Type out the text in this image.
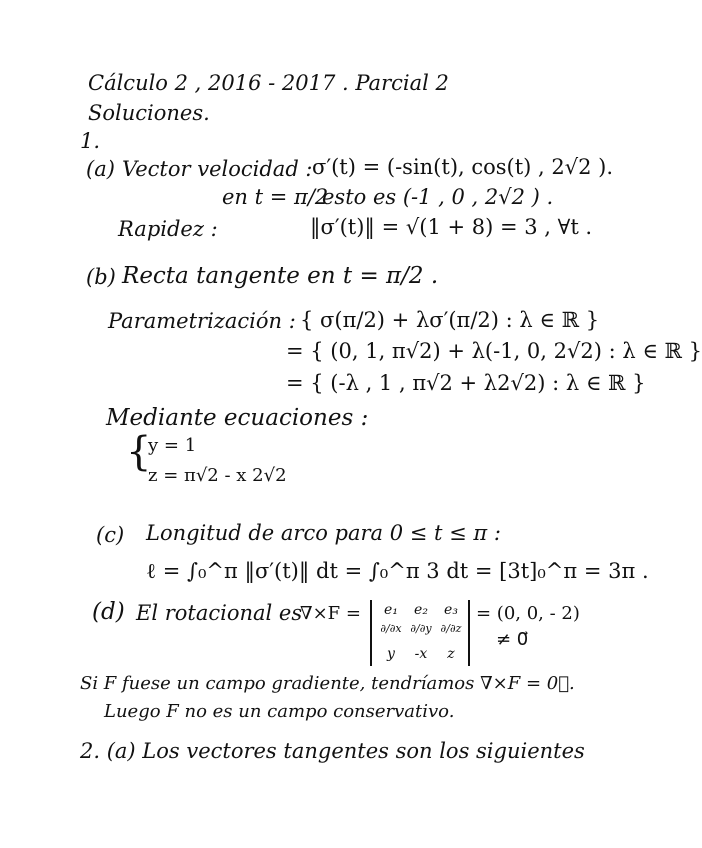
Cálculo 2 , 2016 - 2017 . Parcial 2
Soluciones.
1.
(a) Vector velocidad : σ′(t) = (-sin(t), cos(t) , 2√2 ).
en t = π/2
esto es (-1 , 0 , 2√2 ) .
Rapidez :	‖σ′(t)‖ = √(1 + 8) = 3 , ∀t .
(b) Recta tangente en t = π/2 .
Parametrización : { σ(π/2) + λσ′(π/2) : λ ∈ ℝ }
= { (0, 1, π√2) + λ(-1, 0, 2√2) : λ ∈ ℝ }
= { (-λ , 1 , π√2 + λ2√2) : λ ∈ ℝ }
Mediante ecuaciones :
{
y = 1
z = π√2 - x 2√2
(c) Longitud de arco para 0 ≤ t ≤ π :
ℓ = ∫₀^π ‖σ′(t)‖ dt = ∫₀^π 3 dt = [3t]₀^π = 3π .
(d) El rotacional es
∇×F =	e₁	e₂	e₃
∂/∂x ∂/∂y ∂/∂z
y	-x	z
= (0, 0, - 2)
≠ 0⃗
Si F fuese un campo gradiente, tendríamos ∇×F = 0⃗.
Luego F no es un campo conservativo.
2. (a) Los vectores tangentes son los siguientes
